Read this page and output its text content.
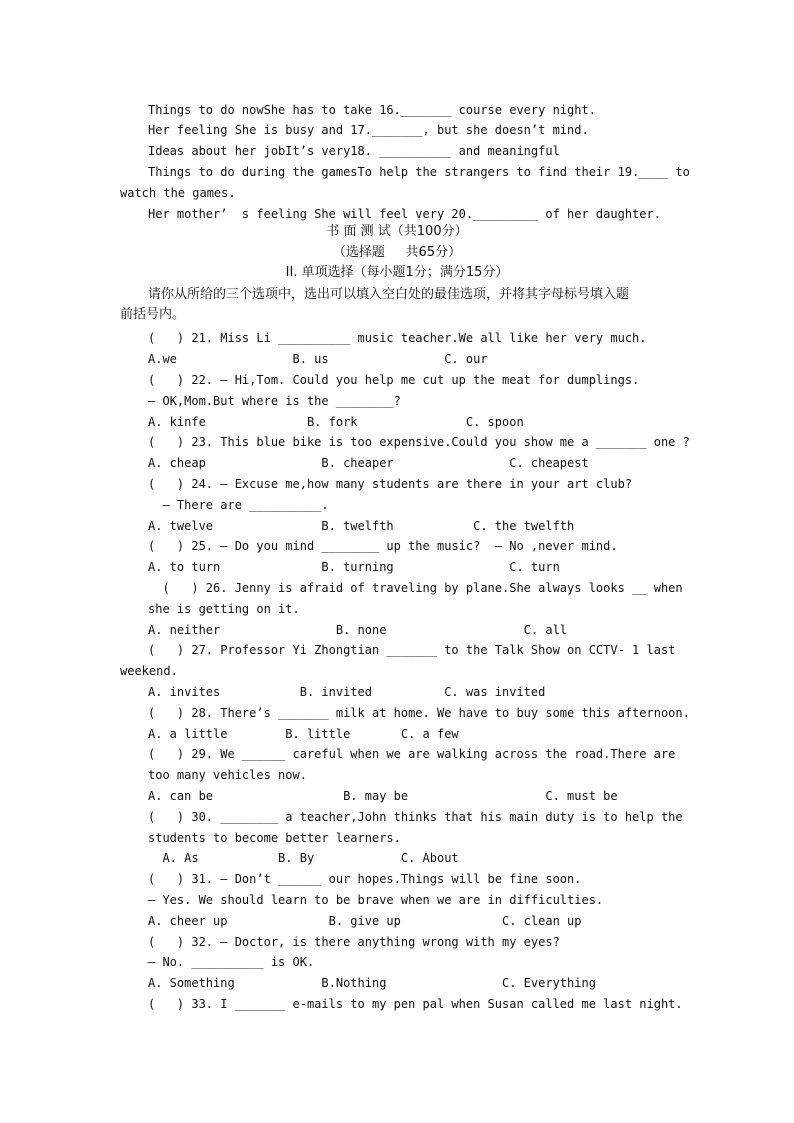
Things to do nowShe has to take 16._______ course every night.
Her feeling She is busy and 17._______, but she doesn’t mind.
Ideas about her jobIt’s very18. __________ and meaningful
Things to do during the gamesTo help the strangers to find their 19.____ to
watch the games.
Her mother’  s feeling She will feel very 20._________ of her daughter.
书 面 测 试（共100分）
（选择题     共65分）
II. 单项选择（每小题1分；满分15分）
请你从所给的三个选项中，选出可以填入空白处的最佳选项，并将其字母标号填入题
前括号内。
(   ) 21. Miss Li __________ music teacher.We all like her very much.
A.we                B. us                C. our
(   ) 22. – Hi,Tom. Could you help me cut up the meat for dumplings.
– OK,Mom.But where is the ________?
A. kinfe              B. fork               C. spoon
(   ) 23. This blue bike is too expensive.Could you show me a _______ one ?
A. cheap                B. cheaper                C. cheapest
(   ) 24. – Excuse me,how many students are there in your art club?
– There are __________.
A. twelve               B. twelfth           C. the twelfth
(   ) 25. – Do you mind ________ up the music?  – No ,never mind.
A. to turn              B. turning                C. turn
(   ) 26. Jenny is afraid of traveling by plane.She always looks __ when
she is getting on it.
A. neither                B. none                   C. all
(   ) 27. Professor Yi Zhongtian _______ to the Talk Show on CCTV- 1 last
weekend.
A. invites           B. invited          C. was invited
(   ) 28. There’s _______ milk at home. We have to buy some this afternoon.
A. a little        B. little       C. a few
(   ) 29. We ______ careful when we are walking across the road.There are
too many vehicles now.
A. can be                  B. may be                   C. must be
(   ) 30. ________ a teacher,John thinks that his main duty is to help the
students to become better learners.
A. As           B. By            C. About
(   ) 31. – Don’t ______ our hopes.Things will be fine soon.
– Yes. We should learn to be brave when we are in difficulties.
A. cheer up              B. give up              C. clean up
(   ) 32. – Doctor, is there anything wrong with my eyes?
– No. __________ is OK.
A. Something            B.Nothing                C. Everything
(   ) 33. I _______ e-mails to my pen pal when Susan called me last night.
